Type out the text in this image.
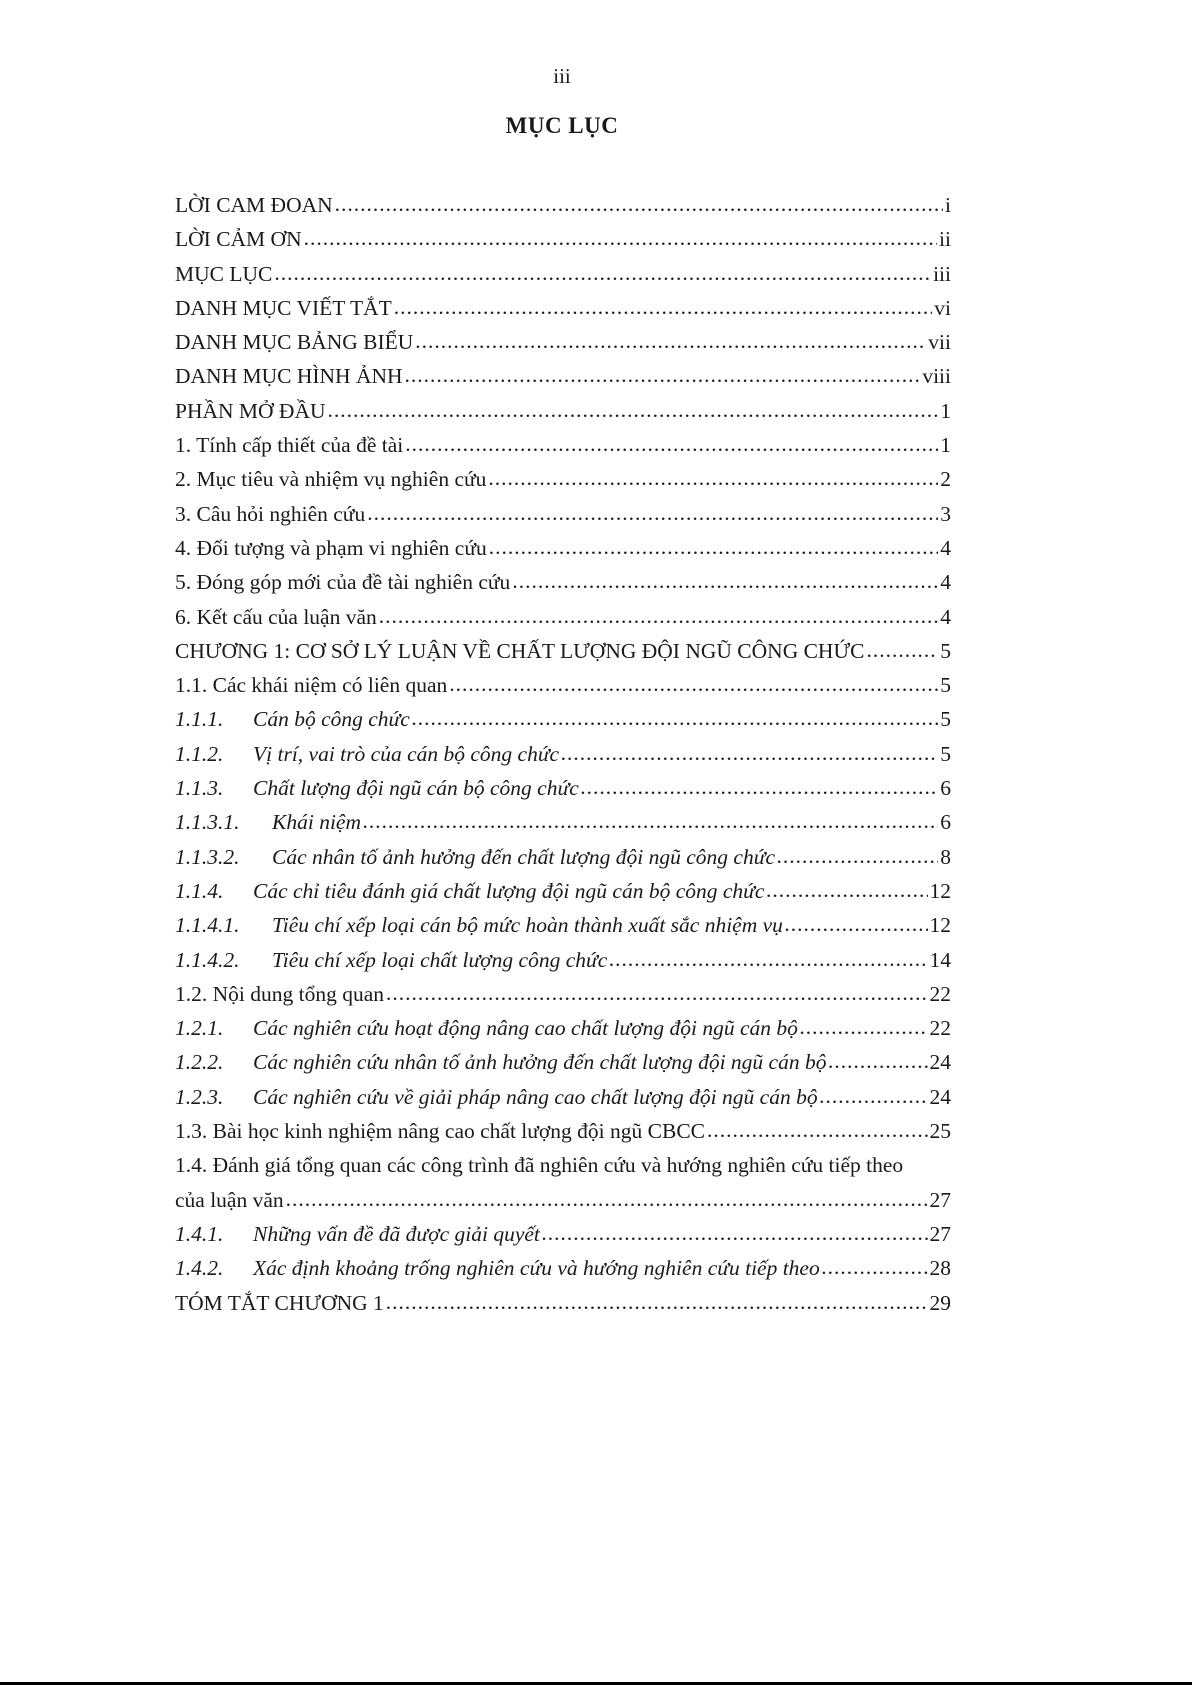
iii
MỤC LỤC
LỜI CAM ĐOAN .....	i
LỜI CẢM ƠN .....	ii
MỤC LỤC .....	iii
DANH MỤC VIẾT TẮT .....	vi
DANH MỤC BẢNG BIỂU .....	vii
DANH MỤC HÌNH ẢNH .....	viii
PHẦN MỞ ĐẦU .....	1
1. Tính cấp thiết của đề tài .....	1
2. Mục tiêu và nhiệm vụ nghiên cứu .....	2
3. Câu hỏi nghiên cứu .....	3
4. Đối tượng và phạm vi nghiên cứu .....	4
5. Đóng góp mới của đề tài nghiên cứu .....	4
6. Kết cấu của luận văn .....	4
CHƯƠNG 1: CƠ SỞ LÝ LUẬN VỀ CHẤT LƯỢNG ĐỘI NGŨ CÔNG CHỨC .....	5
1.1. Các khái niệm có liên quan .....	5
1.1.1.	Cán bộ công chức .....	5
1.1.2.	Vị trí, vai trò của cán bộ công chức .....	5
1.1.3.	Chất lượng đội ngũ cán bộ công chức .....	6
1.1.3.1.	Khái niệm .....	6
1.1.3.2.	Các nhân tố ảnh hưởng đến chất lượng đội ngũ công chức .....	8
1.1.4.	Các chỉ tiêu đánh giá chất lượng đội ngũ cán bộ công chức .....	12
1.1.4.1.	Tiêu chí xếp loại cán bộ mức hoàn thành xuất sắc nhiệm vụ .....	12
1.1.4.2.	Tiêu chí xếp loại chất lượng công chức .....	14
1.2. Nội dung tổng quan .....	22
1.2.1.	Các nghiên cứu hoạt động nâng cao chất lượng đội ngũ cán bộ .....	22
1.2.2.	Các nghiên cứu nhân tố ảnh hưởng đến chất lượng đội ngũ cán bộ .....	24
1.2.3.	Các nghiên cứu về giải pháp nâng cao chất lượng đội ngũ cán bộ .....	24
1.3. Bài học kinh nghiệm nâng cao chất lượng đội ngũ CBCC .....	25
1.4. Đánh giá tổng quan các công trình đã nghiên cứu và hướng nghiên cứu tiếp theo
của luận văn .....	27
1.4.1.	Những vấn đề đã được giải quyết .....	27
1.4.2.	Xác định khoảng trống nghiên cứu và hướng nghiên cứu tiếp theo .....	28
TÓM TẮT CHƯƠNG 1 .....	29
